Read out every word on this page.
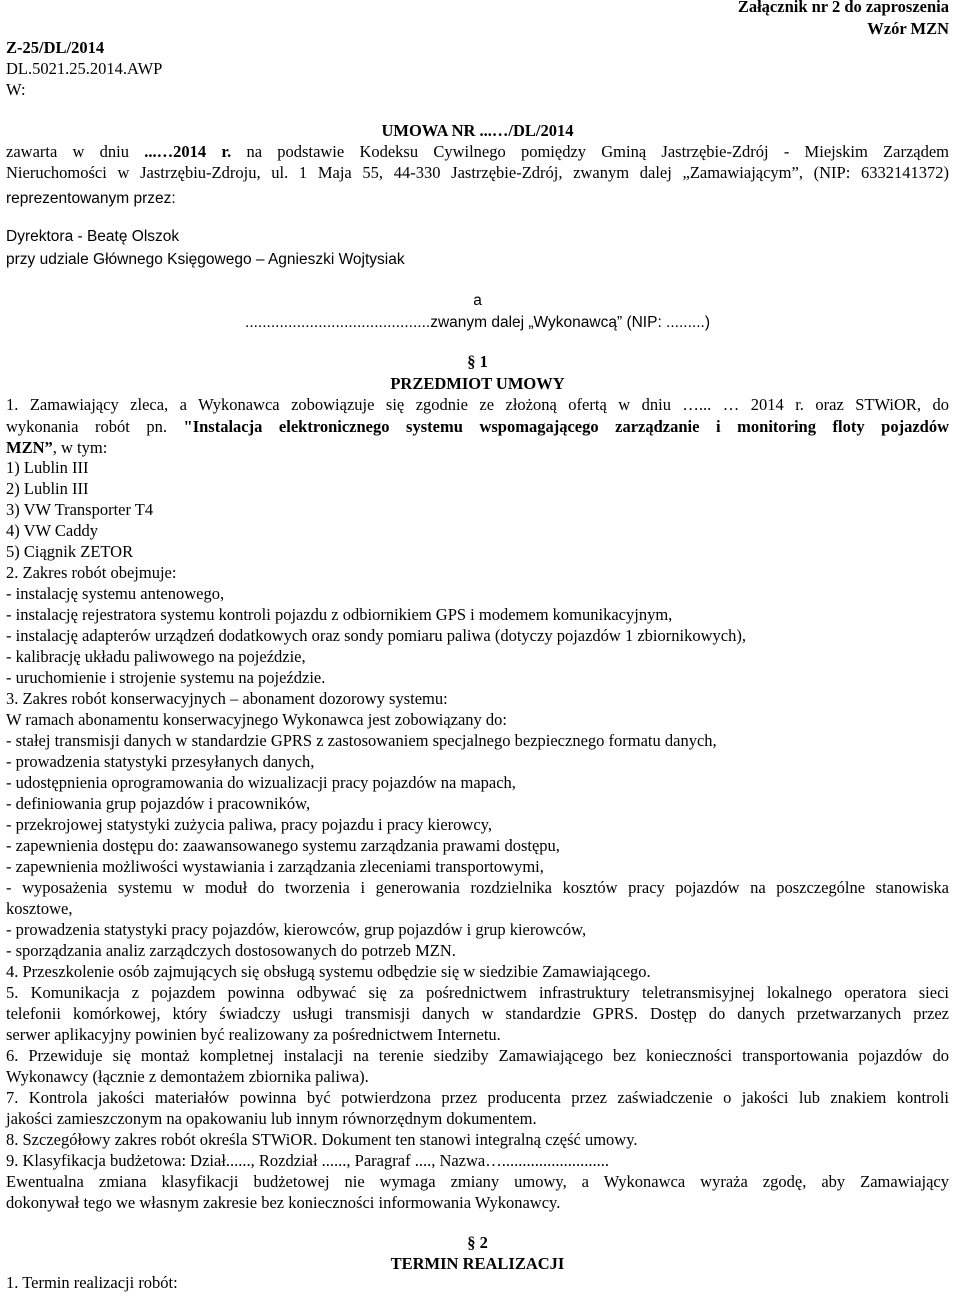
Załącznik nr 2 do zaproszenia
Wzór MZN
Z-25/DL/2014
DL.5021.25.2014.AWP
W:
UMOWA NR ...…/DL/2014
zawarta w dniu ...…2014 r. na podstawie Kodeksu Cywilnego pomiędzy Gminą Jastrzębie-Zdrój - Miejskim Zarządem
Nieruchomości w Jastrzębiu-Zdroju, ul. 1 Maja 55, 44-330 Jastrzębie-Zdrój, zwanym dalej „Zamawiającym”, (NIP: 6332141372)
reprezentowanym przez:
Dyrektora - Beatę Olszok
przy udziale Głównego Księgowego – Agnieszki Wojtysiak
a
...........................................zwanym dalej „Wykonawcą” (NIP: .........)
§ 1
PRZEDMIOT UMOWY
1. Zamawiający zleca, a Wykonawca zobowiązuje się zgodnie ze złożoną ofertą w dniu …... … 2014 r. oraz STWiOR, do
wykonania robót pn. "Instalacja elektronicznego systemu wspomagającego zarządzanie i monitoring floty pojazdów
MZN”, w tym:
1) Lublin III
2) Lublin III
3) VW Transporter T4
4) VW Caddy
5) Ciągnik ZETOR
2. Zakres robót obejmuje:
- instalację systemu antenowego,
- instalację rejestratora systemu kontroli pojazdu z odbiornikiem GPS i modemem komunikacyjnym,
- instalację adapterów urządzeń dodatkowych oraz sondy pomiaru paliwa (dotyczy pojazdów 1 zbiornikowych),
- kalibrację układu paliwowego na pojeździe,
- uruchomienie i strojenie systemu na pojeździe.
3. Zakres robót konserwacyjnych – abonament dozorowy systemu:
W ramach abonamentu konserwacyjnego Wykonawca jest zobowiązany do:
- stałej transmisji danych w standardzie GPRS z zastosowaniem specjalnego bezpiecznego formatu danych,
- prowadzenia statystyki przesyłanych danych,
- udostępnienia oprogramowania do wizualizacji pracy pojazdów na mapach,
- definiowania grup pojazdów i pracowników,
- przekrojowej statystyki zużycia paliwa, pracy pojazdu i pracy kierowcy,
- zapewnienia dostępu do: zaawansowanego systemu zarządzania prawami dostępu,
- zapewnienia możliwości wystawiania i zarządzania zleceniami transportowymi,
- wyposażenia systemu w moduł do tworzenia i generowania rozdzielnika kosztów pracy pojazdów na poszczególne stanowiska
kosztowe,
- prowadzenia statystyki pracy pojazdów, kierowców, grup pojazdów i grup kierowców,
- sporządzania analiz zarządczych dostosowanych do potrzeb MZN.
4. Przeszkolenie osób zajmujących się obsługą systemu odbędzie się w siedzibie Zamawiającego.
5. Komunikacja z pojazdem powinna odbywać się za pośrednictwem infrastruktury teletransmisyjnej lokalnego operatora sieci
telefonii komórkowej, który świadczy usługi transmisji danych w standardzie GPRS. Dostęp do danych przetwarzanych przez
serwer aplikacyjny powinien być realizowany za pośrednictwem Internetu.
6. Przewiduje się montaż kompletnej instalacji na terenie siedziby Zamawiającego bez konieczności transportowania pojazdów do
Wykonawcy (łącznie z demontażem zbiornika paliwa).
7. Kontrola jakości materiałów powinna być potwierdzona przez producenta przez zaświadczenie o jakości lub znakiem kontroli
jakości zamieszczonym na opakowaniu lub innym równorzędnym dokumentem.
8. Szczegółowy zakres robót określa STWiOR. Dokument ten stanowi integralną część umowy.
9. Klasyfikacja budżetowa: Dział......, Rozdział ......, Paragraf ...., Nazwa…..........................
Ewentualna zmiana klasyfikacji budżetowej nie wymaga zmiany umowy, a Wykonawca wyraża zgodę, aby Zamawiający
dokonywał tego we własnym zakresie bez konieczności informowania Wykonawcy.
§ 2
TERMIN REALIZACJI
1. Termin realizacji robót:
